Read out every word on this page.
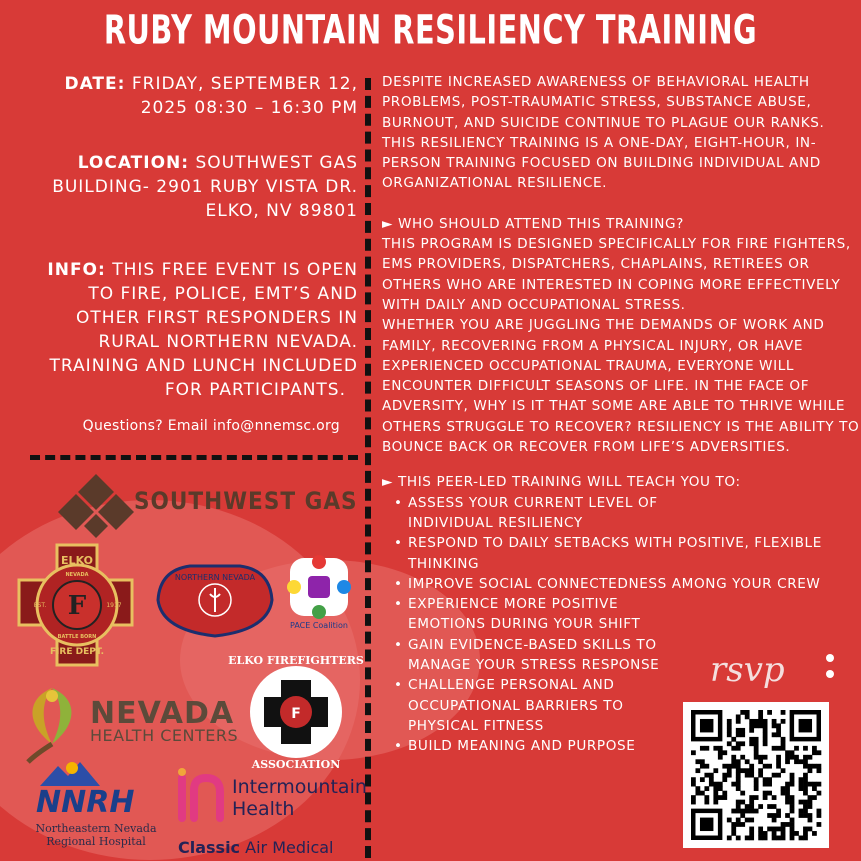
RUBY MOUNTAIN RESILIENCY TRAINING
DATE: FRIDAY, SEPTEMBER 12,
2025 08:30 – 16:30 PM
LOCATION: SOUTHWEST GAS
BUILDING- 2901 RUBY VISTA DR.
ELKO, NV 89801
INFO: THIS FREE EVENT IS OPEN
TO FIRE, POLICE, EMT’S AND
OTHER FIRST RESPONDERS IN
RURAL NORTHERN NEVADA.
TRAINING AND LUNCH INCLUDED
FOR PARTICIPANTS.
Questions? Email info@nnemsc.org

DESPITE INCREASED AWARENESS OF BEHAVIORAL HEALTH PROBLEMS, POST-TRAUMATIC STRESS, SUBSTANCE ABUSE, BURNOUT, AND SUICIDE CONTINUE TO PLAGUE OUR RANKS.

THIS RESILIENCY TRAINING IS A ONE-DAY, EIGHT-HOUR, IN-PERSON TRAINING FOCUSED ON BUILDING INDIVIDUAL AND ORGANIZATIONAL RESILIENCE.

► WHO SHOULD ATTEND THIS TRAINING?

THIS PROGRAM IS DESIGNED SPECIFICALLY FOR FIRE FIGHTERS, EMS PROVIDERS, DISPATCHERS, CHAPLAINS, RETIREES OR OTHERS WHO ARE INTERESTED IN COPING MORE EFFECTIVELY WITH DAILY AND OCCUPATIONAL STRESS.

WHETHER YOU ARE JUGGLING THE DEMANDS OF WORK AND FAMILY, RECOVERING FROM A PHYSICAL INJURY, OR HAVE EXPERIENCED OCCUPATIONAL TRAUMA, EVERYONE WILL ENCOUNTER DIFFICULT SEASONS OF LIFE. IN THE FACE OF ADVERSITY, WHY IS IT THAT SOME ARE ABLE TO THRIVE WHILE OTHERS STRUGGLE TO RECOVER? RESILIENCY IS THE ABILITY TO BOUNCE BACK OR RECOVER FROM LIFE’S ADVERSITIES.

► THIS PEER-LED TRAINING WILL TEACH YOU TO:

• ASSESS YOUR CURRENT LEVEL OF INDIVIDUAL RESILIENCY
• RESPOND TO DAILY SETBACKS WITH POSITIVE, FLEXIBLE THINKING
• IMPROVE SOCIAL CONNECTEDNESS AMONG YOUR CREW
• EXPERIENCE MORE POSITIVE EMOTIONS DURING YOUR SHIFT
• GAIN EVIDENCE-BASED SKILLS TO MANAGE YOUR STRESS RESPONSE
• CHALLENGE PERSONAL AND OCCUPATIONAL BARRIERS TO PHYSICAL FITNESS
• BUILD MEANING AND PURPOSE
SOUTHWEST GAS
F
ELKO
NEVADA
EST.	1917
BATTLE BORN
FIRE DEPT.
NORTHERN NEVADA
PACE Coalition
F
ELKO FIREFIGHTERS
ASSOCIATION
NEVADA
HEALTH CENTERS
NNRH
Northeastern Nevada Regional Hospital
Intermountain
Health
Classic Air Medical
rsvp
